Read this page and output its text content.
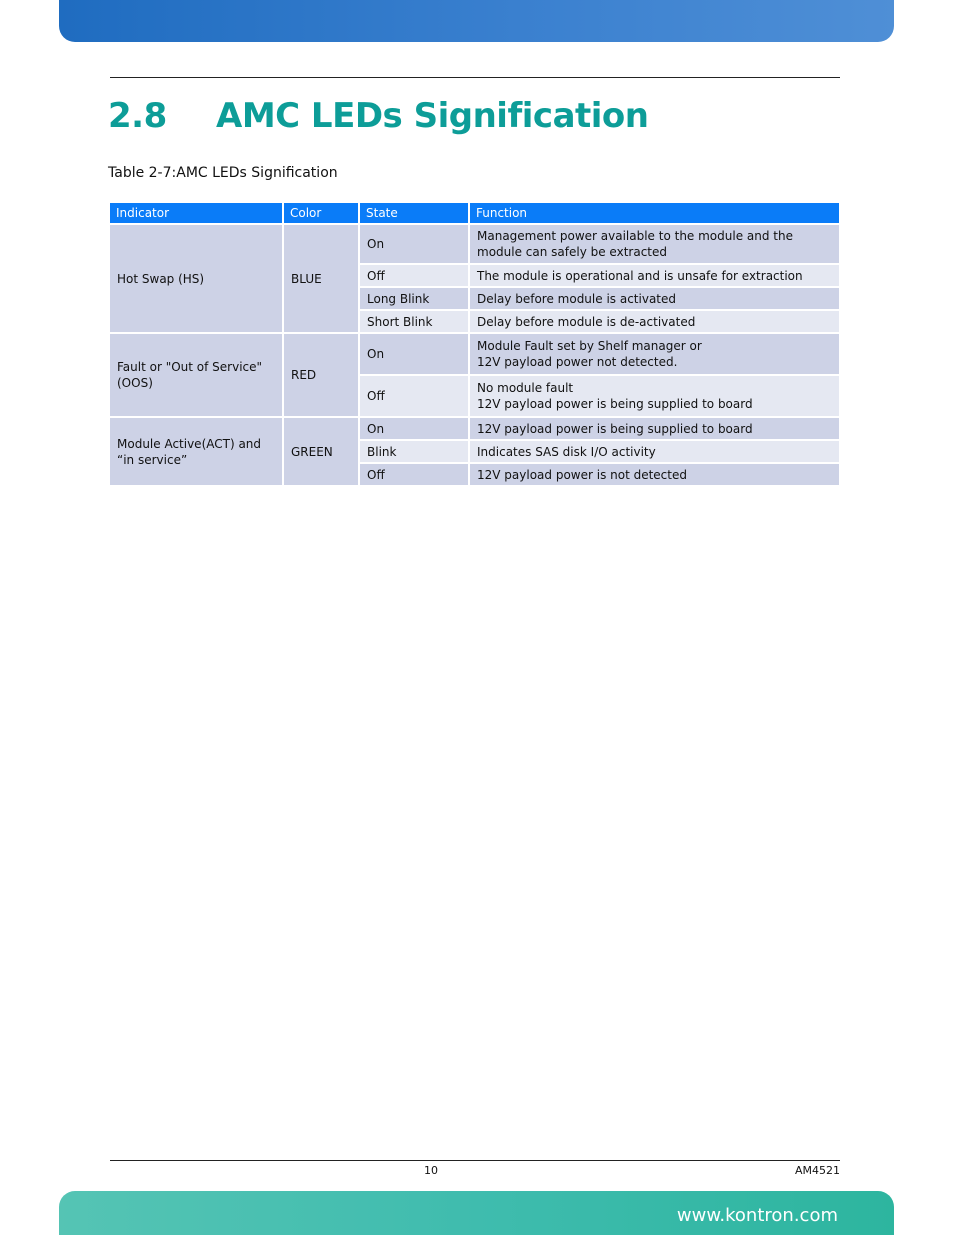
2.8 AMC LEDs Signification
Table 2-7:AMC LEDs Signification
Indicator	Color	State	Function
Hot Swap (HS)	BLUE	On	Management power available to the module and the module can safely be extracted
		Off	The module is operational and is unsafe for extraction
		Long Blink	Delay before module is activated
		Short Blink	Delay before module is de-activated
Fault or "Out of Service" (OOS)	RED	On	Module Fault set by Shelf manager or
12V payload power not detected.

		Off	No module fault
12V payload power is being supplied to board

Module Active(ACT) and “in service”	GREEN	On	12V payload power is being supplied to board
		Blink	Indicates SAS disk I/O activity
		Off	12V payload power is not detected
10	AM4521
www.kontron.com
